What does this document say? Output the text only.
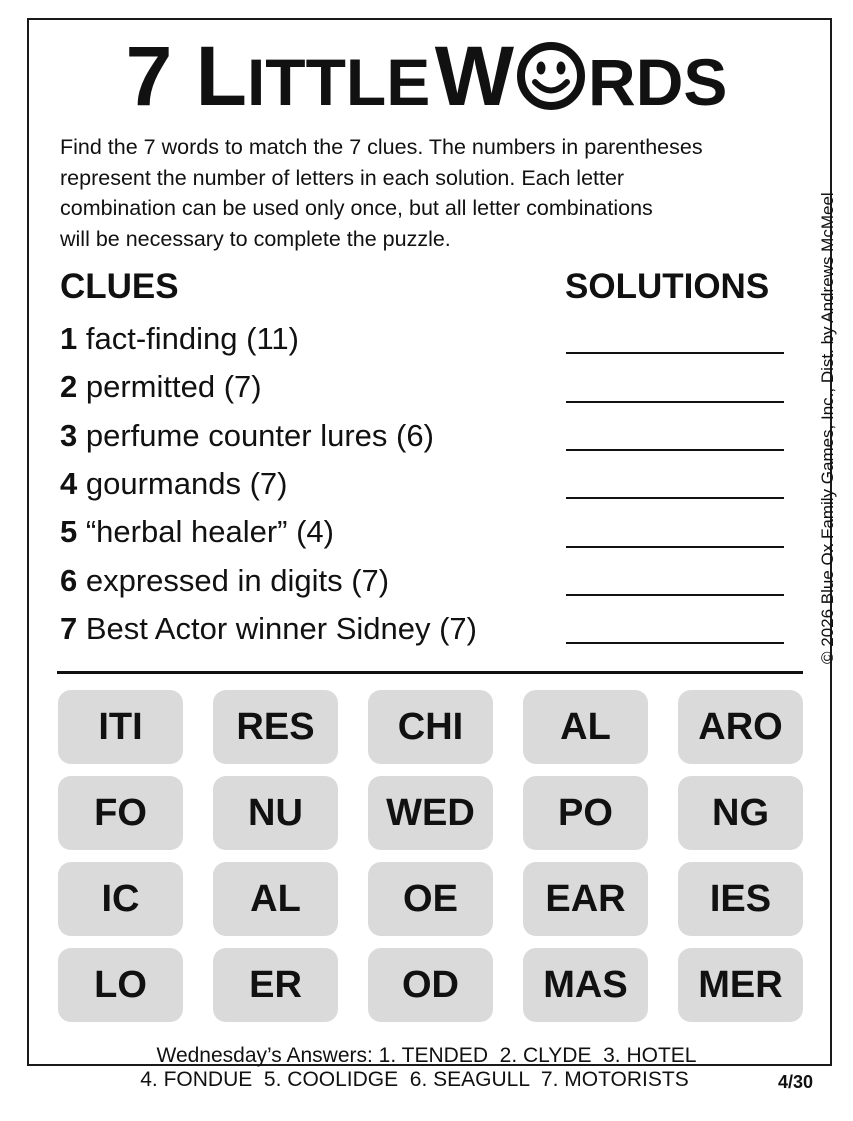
7 LITTLE W RDS
Find the 7 words to match the 7 clues. The numbers in parentheses
represent the number of letters in each solution. Each letter
combination can be used only once, but all letter combinations
will be necessary to complete the puzzle.
CLUES	SOLUTIONS
1 fact-finding (11)
2 permitted (7)
3 perfume counter lures (6)
4 gourmands (7)
5 “herbal healer” (4)
6 expressed in digits (7)
7 Best Actor winner Sidney (7)	© 2026 Blue Ox Family Games, Inc., Dist. by Andrews McMeel
ITI	RES	CHI	AL	ARO
FO	NU	WED	PO	NG
IC	AL	OE	EAR	IES
LO	ER	OD	MAS	MER
Wednesday’s Answers: 1. TENDED  2. CLYDE  3. HOTEL
4. FONDUE  5. COOLIDGE  6. SEAGULL  7. MOTORISTS	4/30
